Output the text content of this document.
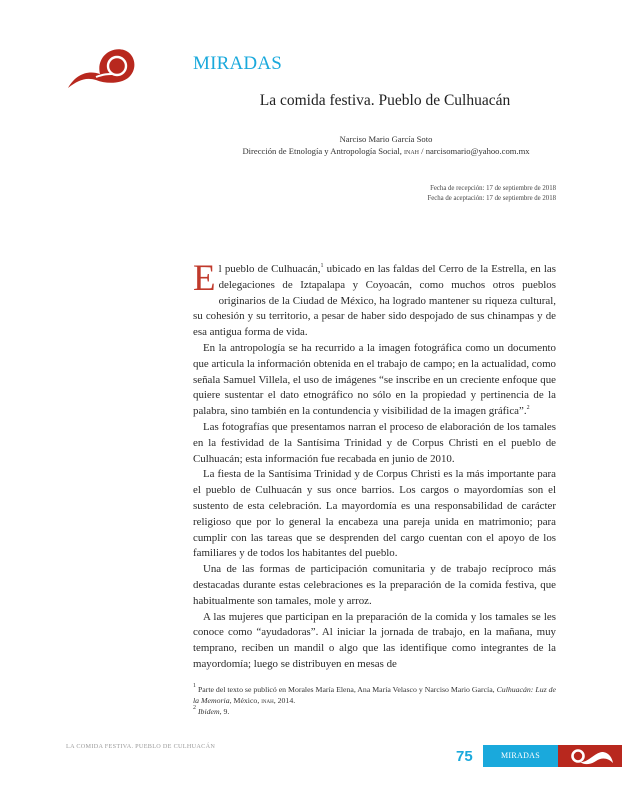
MIRADAS
La comida festiva. Pueblo de Culhuacán
Narciso Mario García Soto
Dirección de Etnología y Antropología Social, inah / narcisomario@yahoo.com.mx
Fecha de recepción: 17 de septiembre de 2018
Fecha de aceptación: 17 de septiembre de 2018

El pueblo de Culhuacán,$^1$ ubicado en las faldas del Cerro de la Estrella, en las delegaciones de Iztapalapa y Coyoacán, como muchos otros pueblos originarios de la Ciudad de México, ha logrado mantener su riqueza cultural, su cohesión y su territorio, a pesar de haber sido despojado de sus chinampas y de esa antigua forma de vida.

En la antropología se ha recurrido a la imagen fotográfica como un documento que articula la información obtenida en el trabajo de campo; en la actualidad, como señala Samuel Villela, el uso de imágenes “se inscribe en un creciente enfoque que quiere sustentar el dato etnográfico no sólo en la propiedad y pertinencia de la palabra, sino también en la contundencia y visibilidad de la imagen gráfica”.$^2$

Las fotografías que presentamos narran el proceso de elaboración de los tamales en la festividad de la Santísima Trinidad y de Corpus Christi en el pueblo de Culhuacán; esta información fue recabada en junio de 2010.

La fiesta de la Santísima Trinidad y de Corpus Christi es la más importante para el pueblo de Culhuacán y sus once barrios. Los cargos o mayordomías son el sustento de esta celebración. La mayordomía es una responsabilidad de carácter religioso que por lo general la encabeza una pareja unida en matrimonio; para cumplir con las tareas que se desprenden del cargo cuentan con el apoyo de los familiares y de todos los habitantes del pueblo.

Una de las formas de participación comunitaria y de trabajo recíproco más destacadas durante estas celebraciones es la preparación de la comida festiva, que habitualmente son tamales, mole y arroz.

A las mujeres que participan en la preparación de la comida y los tamales se les conoce como “ayudadoras”. Al iniciar la jornada de trabajo, en la mañana, muy temprano, reciben un mandil o algo que las identifique como integrantes de la mayordomía; luego se distribuyen en mesas de

$^1$ Parte del texto se publicó en Morales María Elena, Ana María Velasco y Narciso Mario García, Culhuacán: Luz de la Memoria, México, inah, 2014.

$^2$ Ibidem, 9.

LA COMIDA FESTIVA. PUEBLO DE CULHUACÁN
75	MIRADAS
